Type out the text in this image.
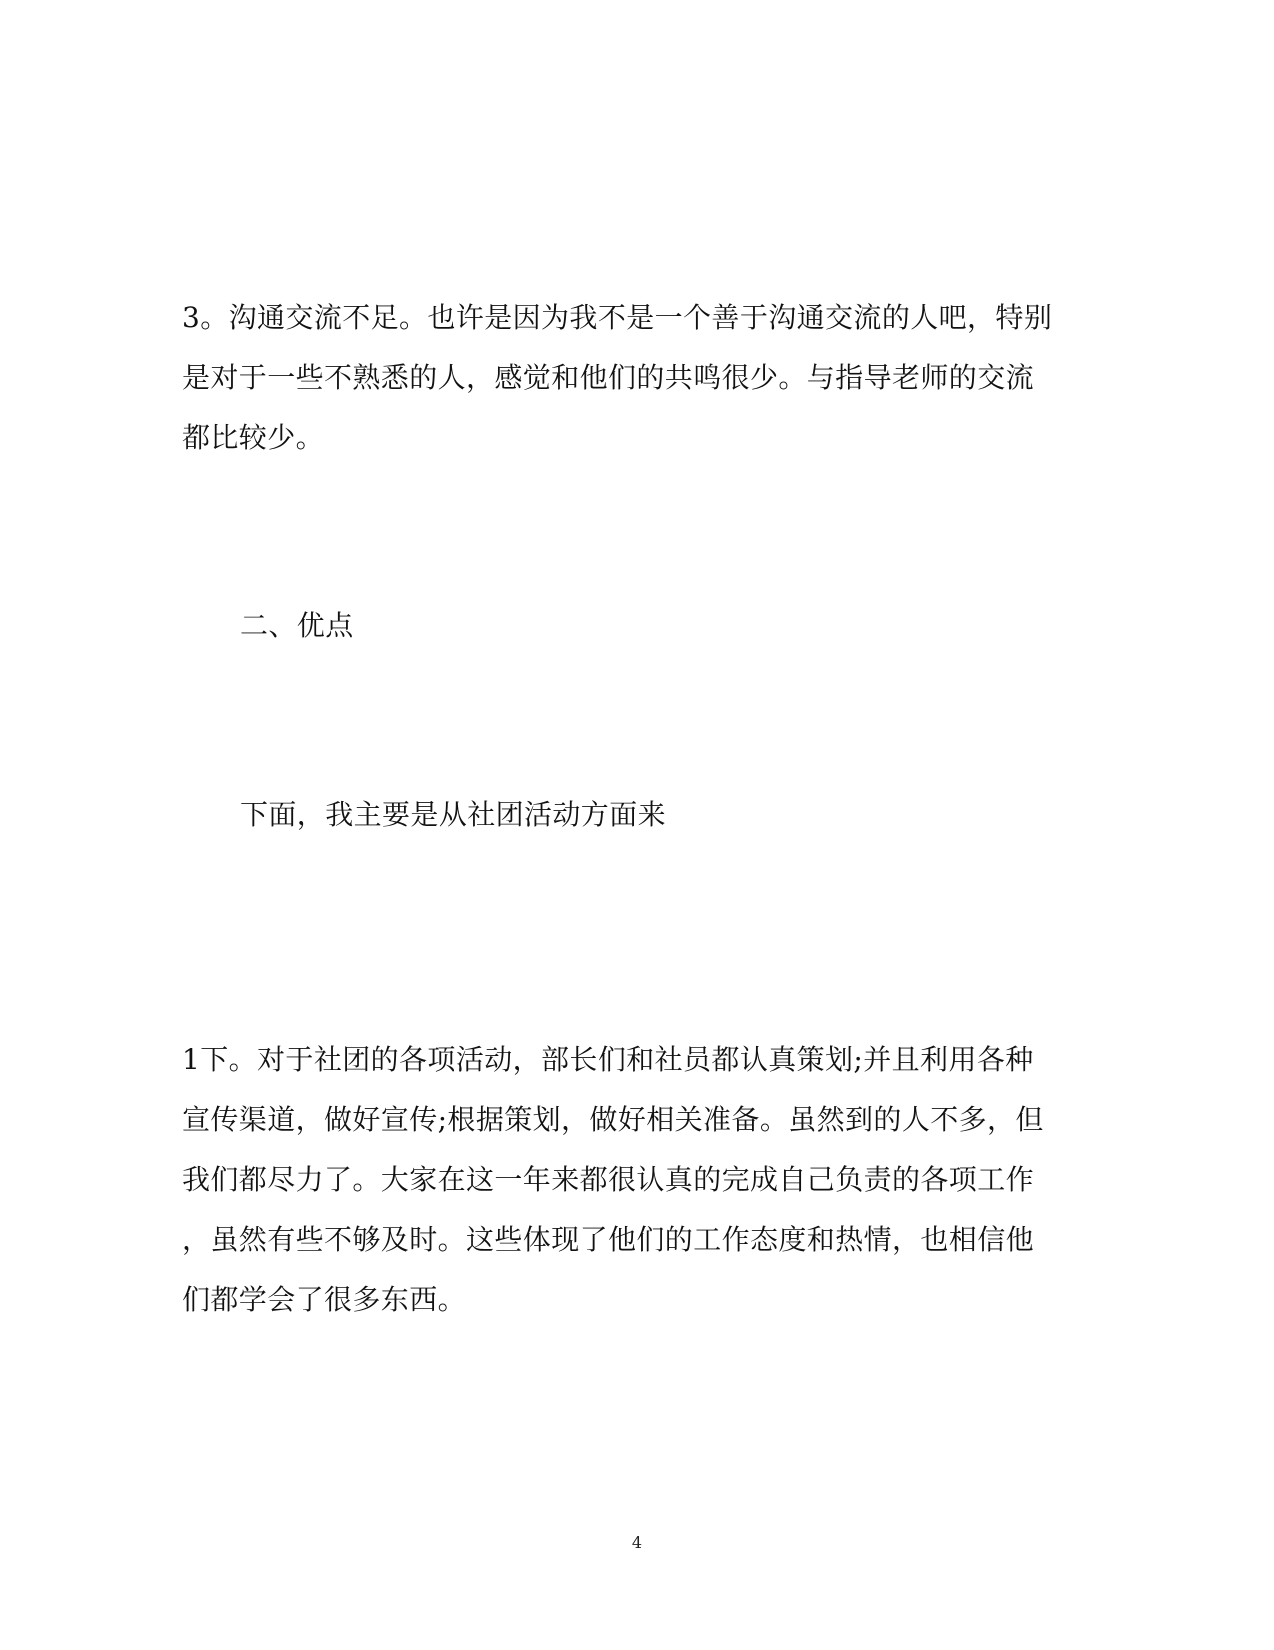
3。沟通交流不足。也许是因为我不是一个善于沟通交流的人吧，特别
是对于一些不熟悉的人，感觉和他们的共鸣很少。与指导老师的交流
都比较少。
二、优点
下面，我主要是从社团活动方面来
1下。对于社团的各项活动，部长们和社员都认真策划;并且利用各种
宣传渠道，做好宣传;根据策划，做好相关准备。虽然到的人不多，但
我们都尽力了。大家在这一年来都很认真的完成自己负责的各项工作
，虽然有些不够及时。这些体现了他们的工作态度和热情，也相信他
们都学会了很多东西。
4
